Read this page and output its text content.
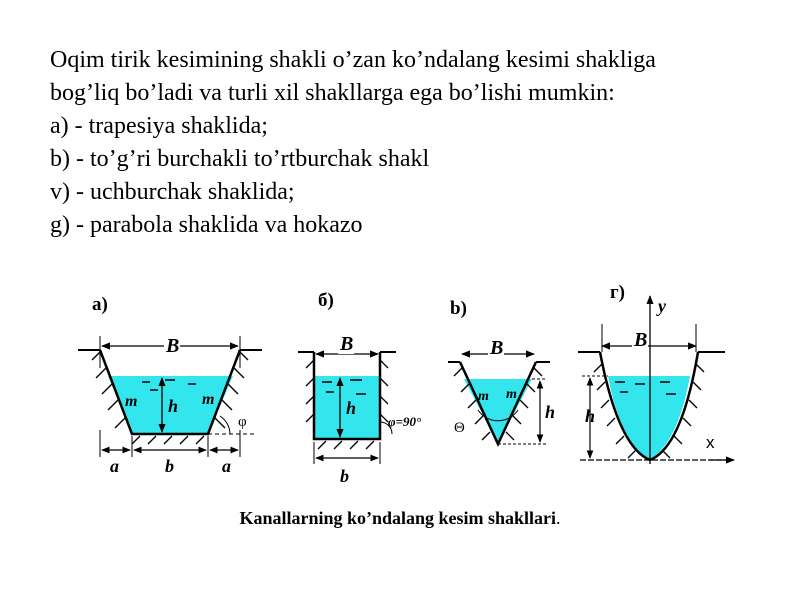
Oqim tirik kesimining shakli o’zan ko’ndalang kesimi shakliga
bog’liq bo’ladi va turli xil shakllarga ega bo’lishi mumkin:
a) - trapesiya shaklida;
b) - to’g’ri burchakli to’rtburchak shakl
v) - uchburchak shaklida;
g) - parabola shaklida va hokazo
a)
B
h
m	m
φ
a	b	a
б)
B
h
φ=90°
b
b)
B
m m
Θ
h
г)
y
x
B
h
Kanallarning ko’ndalang kesim shakllari.
